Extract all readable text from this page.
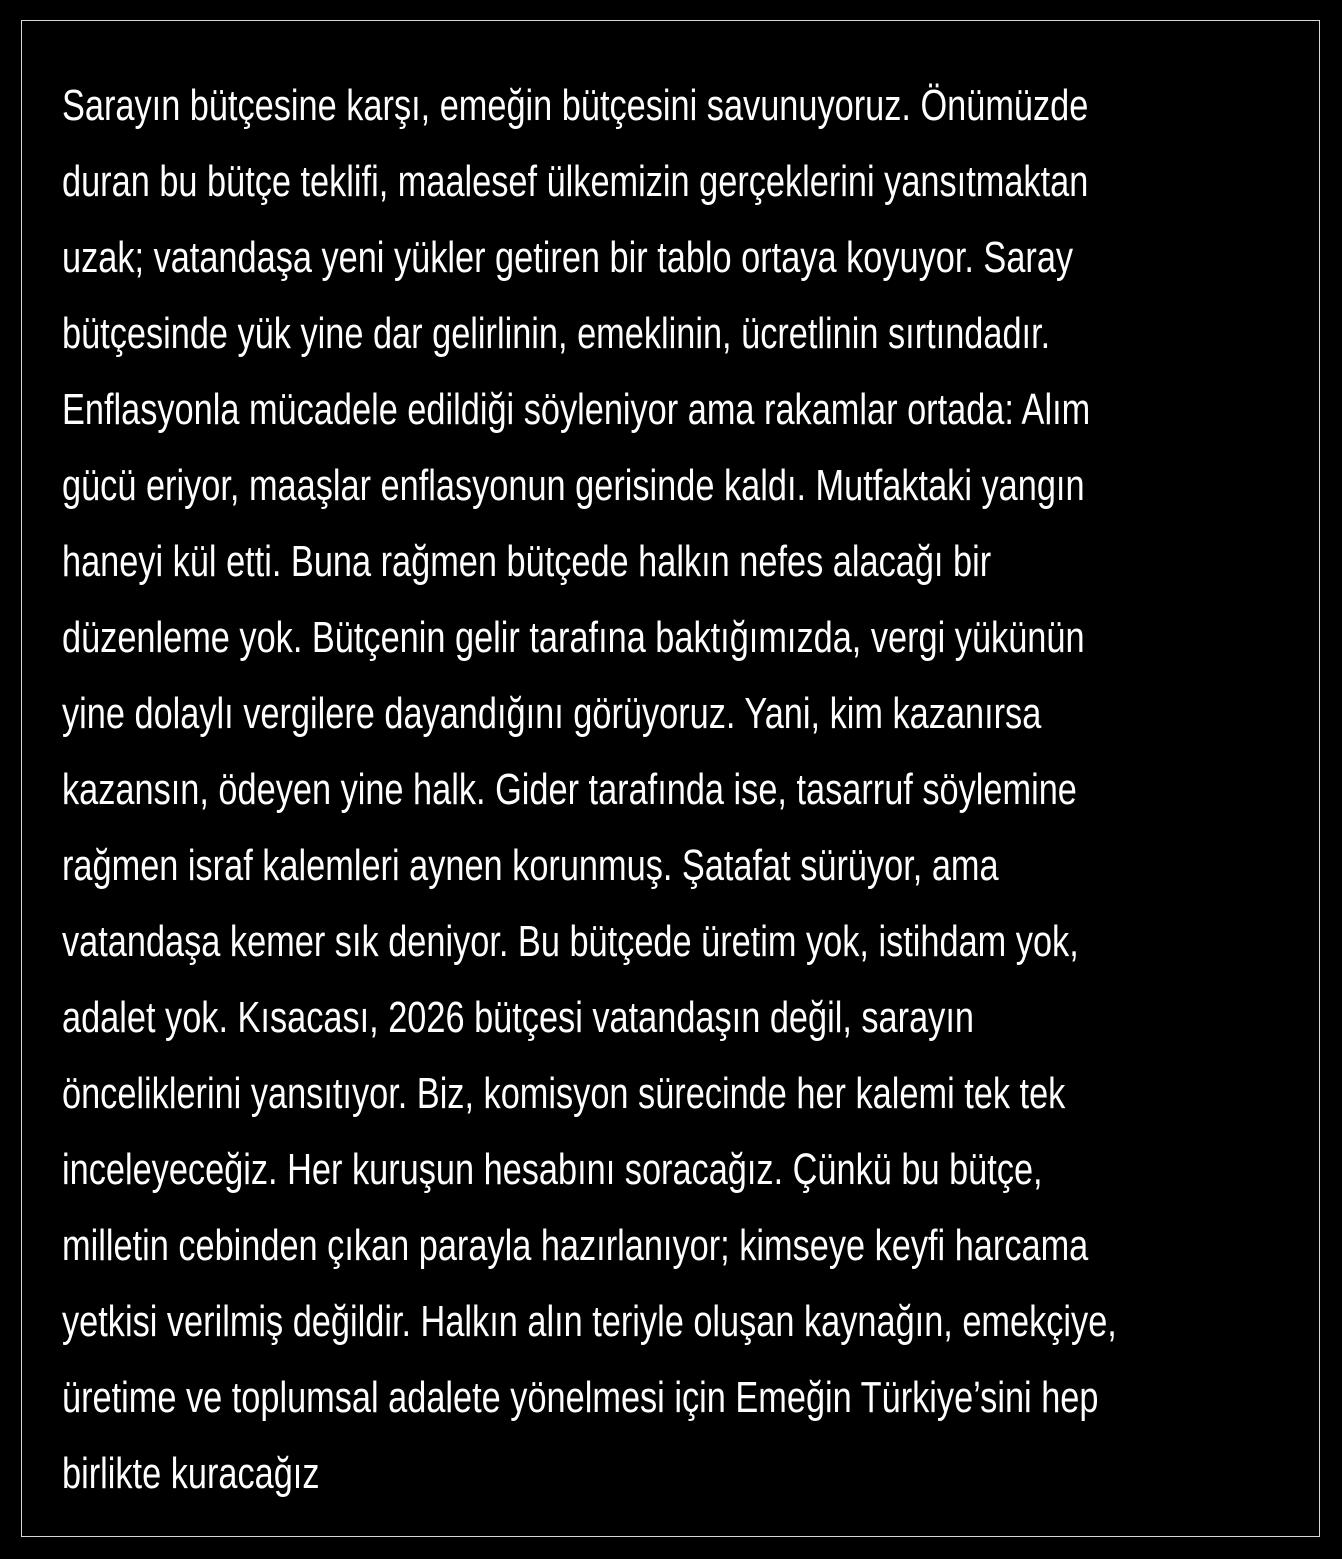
Sarayın bütçesine karşı, emeğin bütçesini savunuyoruz. Önümüzde
duran bu bütçe teklifi, maalesef ülkemizin gerçeklerini yansıtmaktan
uzak; vatandaşa yeni yükler getiren bir tablo ortaya koyuyor. Saray
bütçesinde yük yine dar gelirlinin, emeklinin, ücretlinin sırtındadır.
Enflasyonla mücadele edildiği söyleniyor ama rakamlar ortada: Alım
gücü eriyor, maaşlar enflasyonun gerisinde kaldı. Mutfaktaki yangın
haneyi kül etti. Buna rağmen bütçede halkın nefes alacağı bir
düzenleme yok. Bütçenin gelir tarafına baktığımızda, vergi yükünün
yine dolaylı vergilere dayandığını görüyoruz. Yani, kim kazanırsa
kazansın, ödeyen yine halk. Gider tarafında ise, tasarruf söylemine
rağmen israf kalemleri aynen korunmuş. Şatafat sürüyor, ama
vatandaşa kemer sık deniyor. Bu bütçede üretim yok, istihdam yok,
adalet yok. Kısacası, 2026 bütçesi vatandaşın değil, sarayın
önceliklerini yansıtıyor. Biz, komisyon sürecinde her kalemi tek tek
inceleyeceğiz. Her kuruşun hesabını soracağız. Çünkü bu bütçe,
milletin cebinden çıkan parayla hazırlanıyor; kimseye keyfi harcama
yetkisi verilmiş değildir. Halkın alın teriyle oluşan kaynağın, emekçiye,
üretime ve toplumsal adalete yönelmesi için Emeğin Türkiye’sini hep
birlikte kuracağız
